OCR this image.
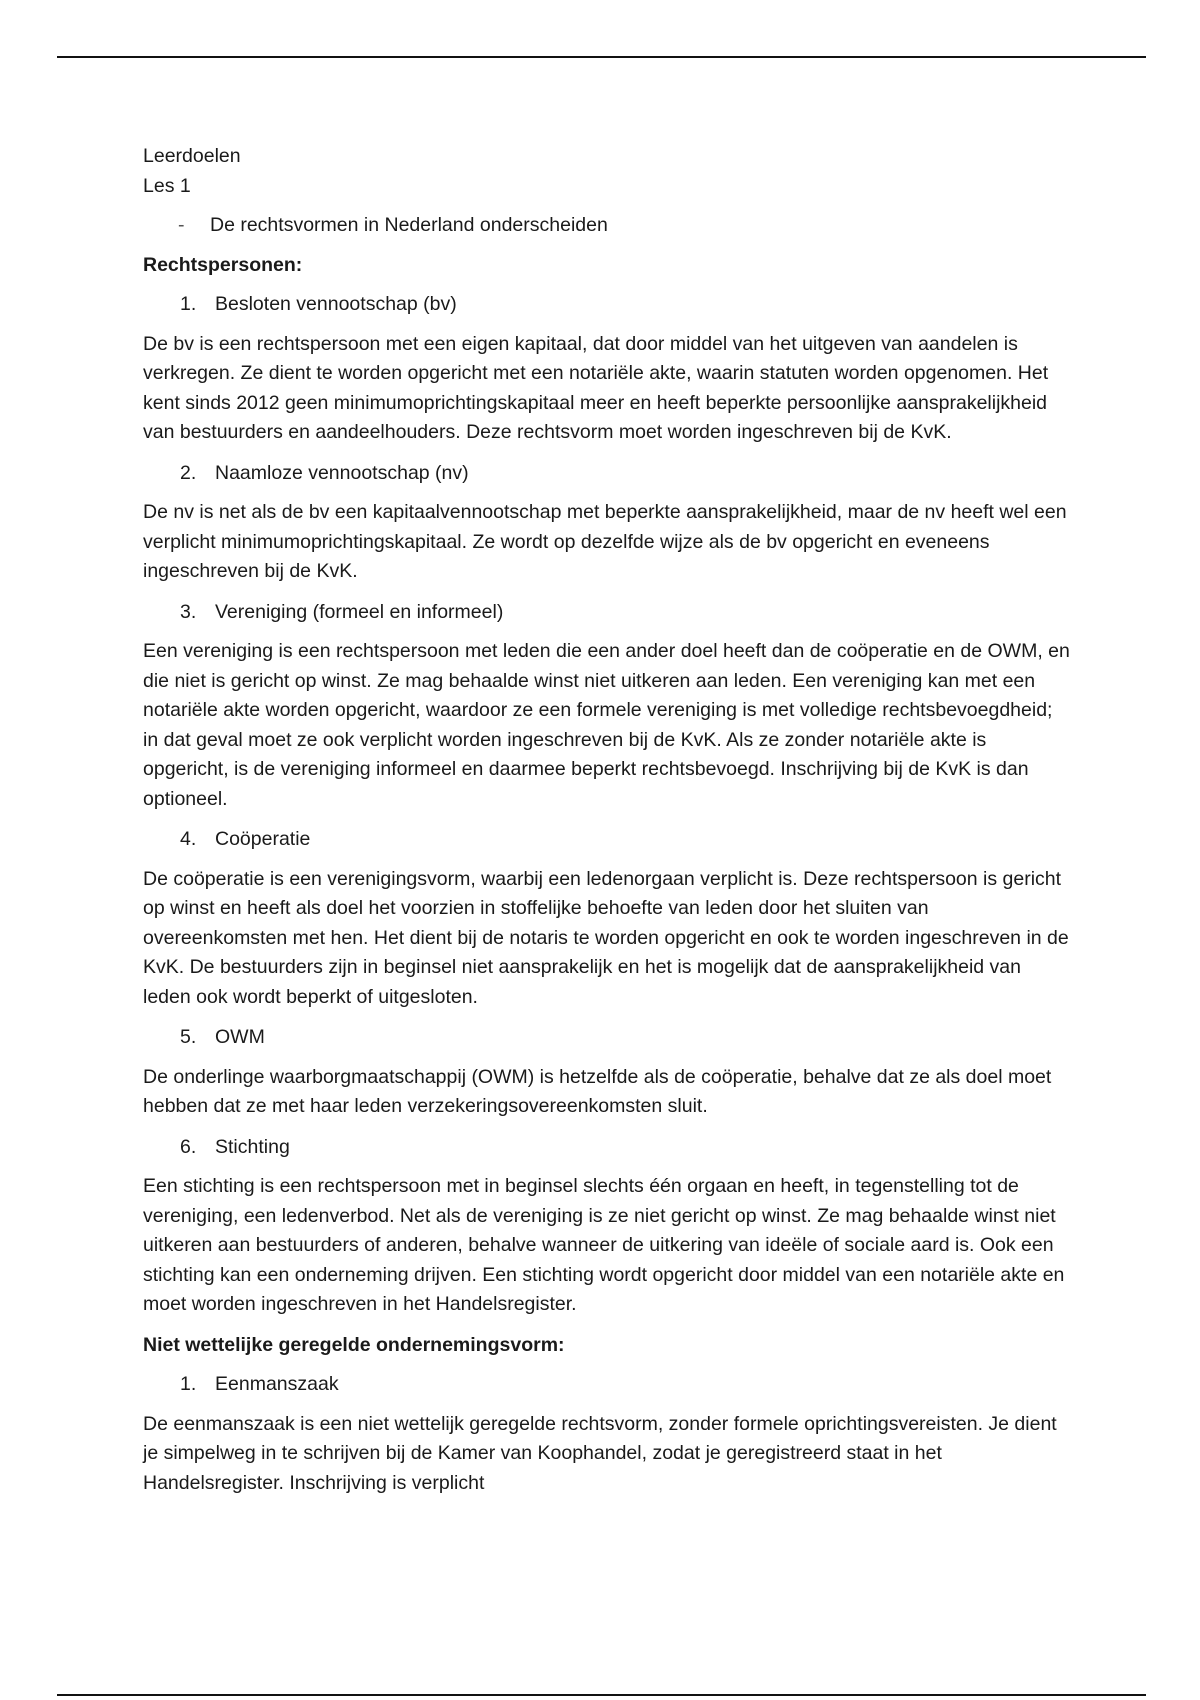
Leerdoelen

Les 1

-	De rechtsvormen in Nederland onderscheiden

Rechtspersonen:

1. Besloten vennootschap (bv)

De bv is een rechtspersoon met een eigen kapitaal, dat door middel van het uitgeven van aandelen is verkregen. Ze dient te worden opgericht met een notariële akte, waarin statuten worden opgenomen. Het kent sinds 2012 geen minimumoprichtingskapitaal meer en heeft beperkte persoonlijke aansprakelijkheid van bestuurders en aandeelhouders. Deze rechtsvorm moet worden ingeschreven bij de KvK.

2. Naamloze vennootschap (nv)

De nv is net als de bv een kapitaalvennootschap met beperkte aansprakelijkheid, maar de nv heeft wel een verplicht minimumoprichtingskapitaal. Ze wordt op dezelfde wijze als de bv opgericht en eveneens ingeschreven bij de KvK.

3. Vereniging (formeel en informeel)

Een vereniging is een rechtspersoon met leden die een ander doel heeft dan de coöperatie en de OWM, en die niet is gericht op winst. Ze mag behaalde winst niet uitkeren aan leden. Een vereniging kan met een notariële akte worden opgericht, waardoor ze een formele vereniging is met volledige rechtsbevoegdheid; in dat geval moet ze ook verplicht worden ingeschreven bij de KvK. Als ze zonder notariële akte is opgericht, is de vereniging informeel en daarmee beperkt rechtsbevoegd. Inschrijving bij de KvK is dan optioneel.

4. Coöperatie

De coöperatie is een verenigingsvorm, waarbij een ledenorgaan verplicht is. Deze rechtspersoon is gericht op winst en heeft als doel het voorzien in stoffelijke behoefte van leden door het sluiten van overeenkomsten met hen. Het dient bij de notaris te worden opgericht en ook te worden ingeschreven in de KvK. De bestuurders zijn in beginsel niet aansprakelijk en het is mogelijk dat de aansprakelijkheid van leden ook wordt beperkt of uitgesloten.

5. OWM

De onderlinge waarborgmaatschappij (OWM) is hetzelfde als de coöperatie, behalve dat ze als doel moet hebben dat ze met haar leden verzekeringsovereenkomsten sluit.

6. Stichting

Een stichting is een rechtspersoon met in beginsel slechts één orgaan en heeft, in tegenstelling tot de vereniging, een ledenverbod. Net als de vereniging is ze niet gericht op winst. Ze mag behaalde winst niet uitkeren aan bestuurders of anderen, behalve wanneer de uitkering van ideële of sociale aard is. Ook een stichting kan een onderneming drijven. Een stichting wordt opgericht door middel van een notariële akte en moet worden ingeschreven in het Handelsregister.

Niet wettelijke geregelde ondernemingsvorm:

1. Eenmanszaak

De eenmanszaak is een niet wettelijk geregelde rechtsvorm, zonder formele oprichtingsvereisten. Je dient je simpelweg in te schrijven bij de Kamer van Koophandel, zodat je geregistreerd staat in het Handelsregister. Inschrijving is verplicht
